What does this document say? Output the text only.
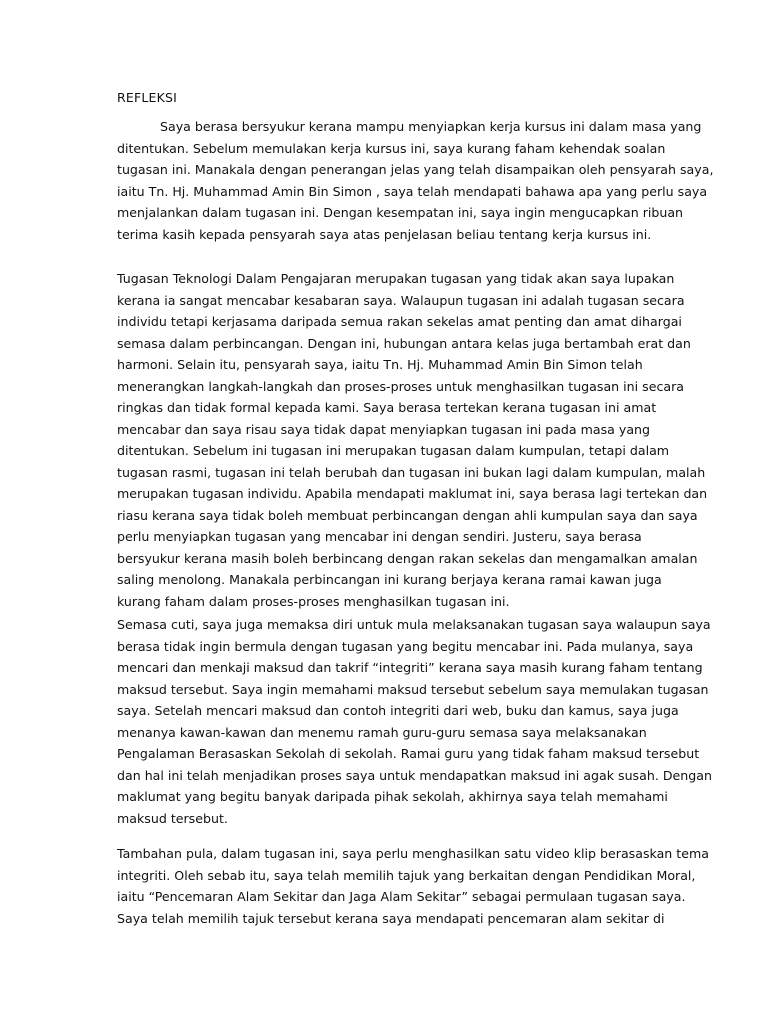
REFLEKSI
Saya berasa bersyukur kerana mampu menyiapkan kerja kursus ini dalam masa yang
ditentukan. Sebelum memulakan kerja kursus ini, saya kurang faham kehendak soalan
tugasan ini. Manakala dengan penerangan jelas yang telah disampaikan oleh pensyarah saya,
iaitu Tn. Hj. Muhammad Amin Bin Simon , saya telah mendapati bahawa apa yang perlu saya
menjalankan dalam tugasan ini. Dengan kesempatan ini, saya ingin mengucapkan ribuan
terima kasih kepada pensyarah saya atas penjelasan beliau tentang kerja kursus ini.
Tugasan Teknologi Dalam Pengajaran merupakan tugasan yang tidak akan saya lupakan
kerana ia sangat mencabar kesabaran saya. Walaupun tugasan ini adalah tugasan secara
individu tetapi kerjasama daripada semua rakan sekelas amat penting dan amat dihargai
semasa dalam perbincangan. Dengan ini, hubungan antara kelas juga bertambah erat dan
harmoni. Selain itu, pensyarah saya, iaitu Tn. Hj. Muhammad Amin Bin Simon telah
menerangkan langkah-langkah dan proses-proses untuk menghasilkan tugasan ini secara
ringkas dan tidak formal kepada kami. Saya berasa tertekan kerana tugasan ini amat
mencabar dan saya risau saya tidak dapat menyiapkan tugasan ini pada masa yang
ditentukan. Sebelum ini tugasan ini merupakan tugasan dalam kumpulan, tetapi dalam
tugasan rasmi, tugasan ini telah berubah dan tugasan ini bukan lagi dalam kumpulan, malah
merupakan tugasan individu. Apabila mendapati maklumat ini, saya berasa lagi tertekan dan
riasu kerana saya tidak boleh membuat perbincangan dengan ahli kumpulan saya dan saya
perlu menyiapkan tugasan yang mencabar ini dengan sendiri. Justeru, saya berasa
bersyukur kerana masih boleh berbincang dengan rakan sekelas dan mengamalkan amalan
saling menolong. Manakala perbincangan ini kurang berjaya kerana ramai kawan juga
kurang faham dalam proses-proses menghasilkan tugasan ini.
Semasa cuti, saya juga memaksa diri untuk mula melaksanakan tugasan saya walaupun saya
berasa tidak ingin bermula dengan tugasan yang begitu mencabar ini. Pada mulanya, saya
mencari dan menkaji maksud dan takrif “integriti” kerana saya masih kurang faham tentang
maksud tersebut. Saya ingin memahami maksud tersebut sebelum saya memulakan tugasan
saya. Setelah mencari maksud dan contoh integriti dari web, buku dan kamus, saya juga
menanya kawan-kawan dan menemu ramah guru-guru semasa saya melaksanakan
Pengalaman Berasaskan Sekolah di sekolah. Ramai guru yang tidak faham maksud tersebut
dan hal ini telah menjadikan proses saya untuk mendapatkan maksud ini agak susah. Dengan
maklumat yang begitu banyak daripada pihak sekolah, akhirnya saya telah memahami
maksud tersebut.
Tambahan pula, dalam tugasan ini, saya perlu menghasilkan satu video klip berasaskan tema
integriti. Oleh sebab itu, saya telah memilih tajuk yang berkaitan dengan Pendidikan Moral,
iaitu “Pencemaran Alam Sekitar dan Jaga Alam Sekitar” sebagai permulaan tugasan saya.
Saya telah memilih tajuk tersebut kerana saya mendapati pencemaran alam sekitar di
